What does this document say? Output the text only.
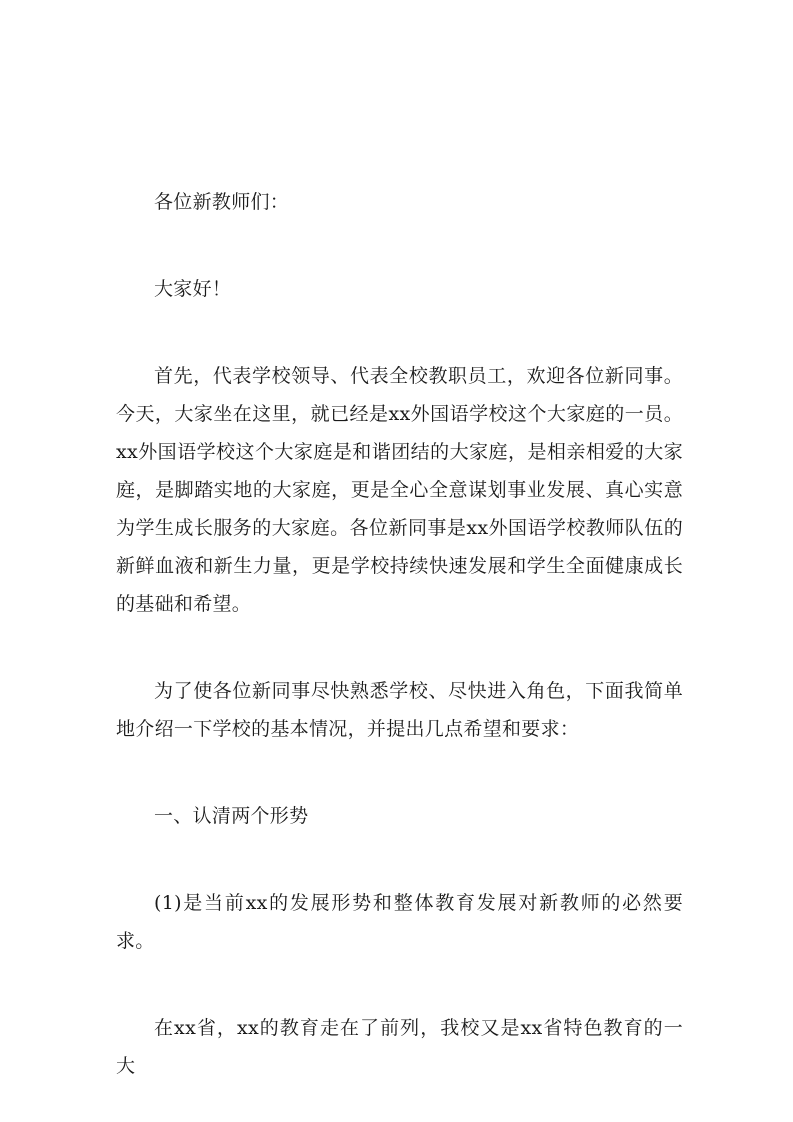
各位新教师们：

大家好！

首先，代表学校领导、代表全校教职员工，欢迎各位新同事。今天，大家坐在这里，就已经是xx外国语学校这个大家庭的一员。xx外国语学校这个大家庭是和谐团结的大家庭，是相亲相爱的大家庭，是脚踏实地的大家庭，更是全心全意谋划事业发展、真心实意为学生成长服务的大家庭。各位新同事是xx外国语学校教师队伍的新鲜血液和新生力量，更是学校持续快速发展和学生全面健康成长的基础和希望。

为了使各位新同事尽快熟悉学校、尽快进入角色，下面我简单地介绍一下学校的基本情况，并提出几点希望和要求：

一、认清两个形势

(1)是当前xx的发展形势和整体教育发展对新教师的必然要求。

在xx省，xx的教育走在了前列，我校又是xx省特色教育的一大
